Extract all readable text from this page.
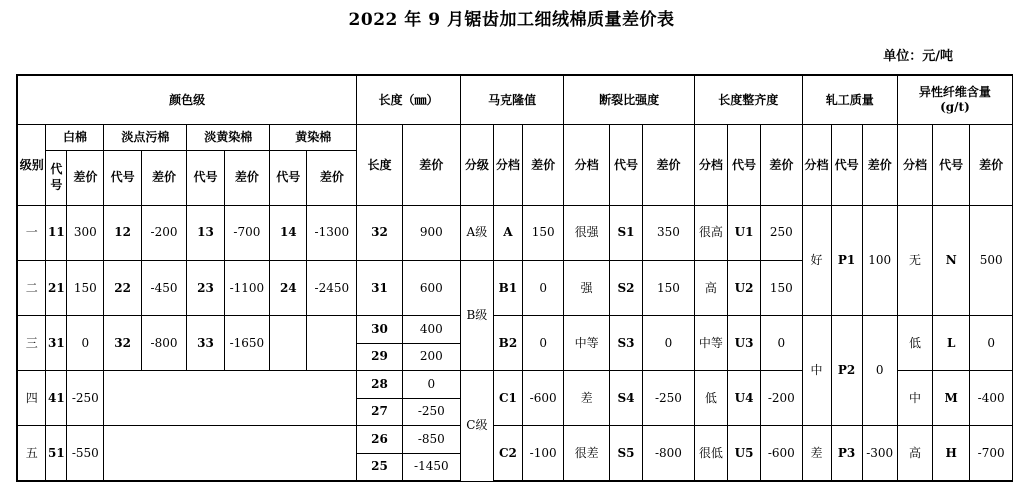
2022 年 9 月锯齿加工细绒棉质量差价表
单位：元/吨
颜色级									长度（㎜）		马克隆值			断裂比强度			长度整齐度			轧工质量			异性纤维含量
(g/t)		
级别	白棉		淡点污棉		淡黄染棉		黄染棉		长度	差价	分级	分档	差价	分档	代号	差价	分档	代号	差价	分档	代号	差价	分档	代号	差价
	代号	差价	代号	差价	代号	差价	代号	差价																	
一	11	300	12	-200	13	-700	14	-1300	32	900	A级	A	150	很强	S1	350	很高	U1	250	好	P1	100	无	N	500

二	21	150	22	-450	23	-1100	24	-2450	31	600	B级	B1	0	强	S2	150	高	U2	150						

三	31	0	32	-800	33	-1650			30	400		B2	0	中等	S3	0	中等	U3	0	中	P2	0	低	L	0
									29	200															
四	41	-250							28	0	C级	C1	-600	差	S4	-250	低	U4	-200				中	M	-400
									27	-250															
五	51	-550							26	-850		C2	-100	很差	S5	-800	很低	U5	-600	差	P3	-300	高	H	-700
									25	-1450															
